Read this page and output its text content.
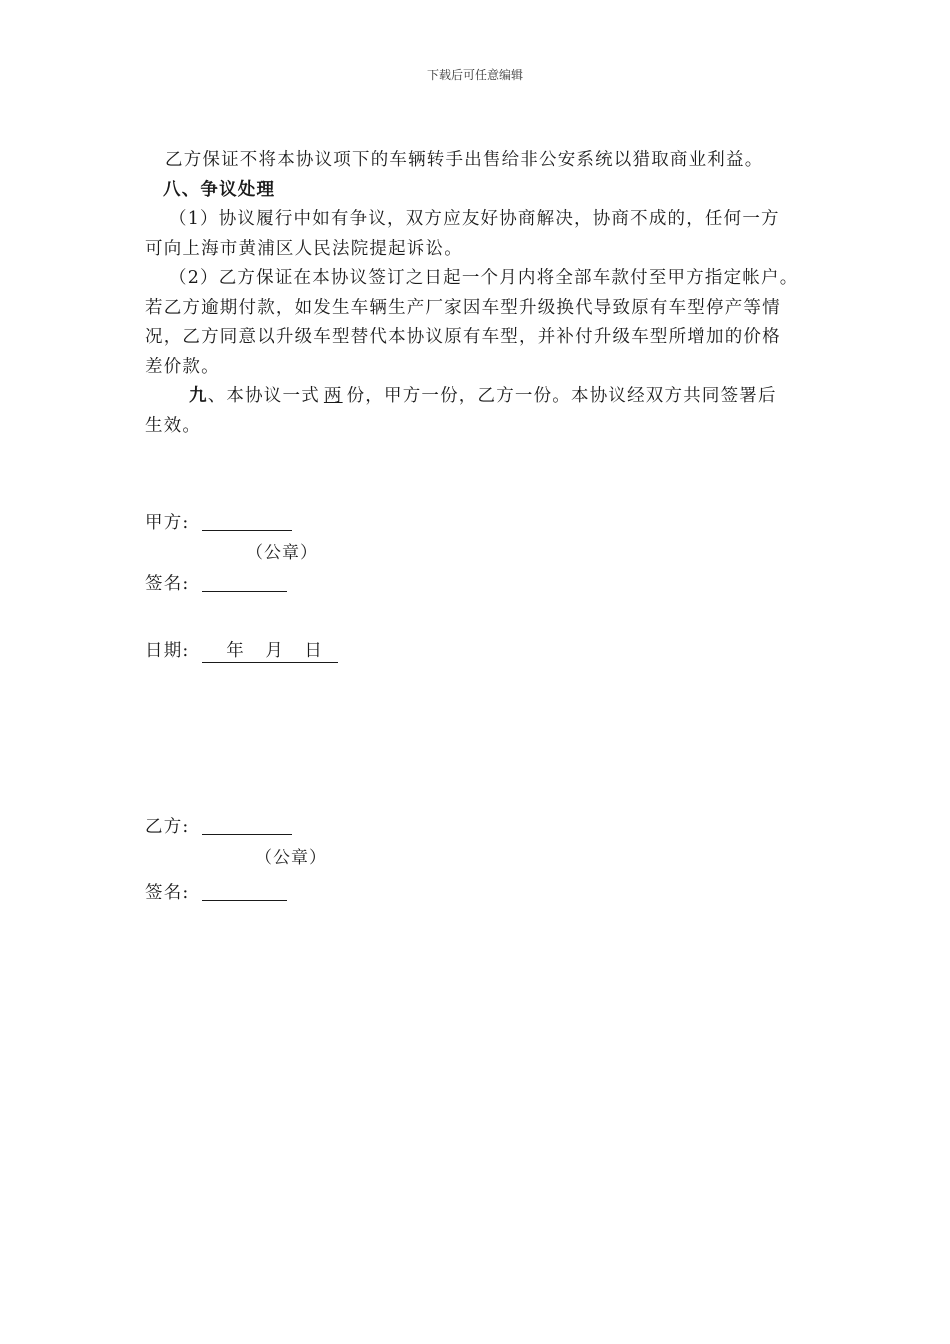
下载后可任意编辑
乙方保证不将本协议项下的车辆转手出售给非公安系统以猎取商业利益。
八、争议处理
（1）协议履行中如有争议，双方应友好协商解决，协商不成的，任何一方
可向上海市黄浦区人民法院提起诉讼。
（2）乙方保证在本协议签订之日起一个月内将全部车款付至甲方指定帐户。
若乙方逾期付款，如发生车辆生产厂家因车型升级换代导致原有车型停产等情
况，乙方同意以升级车型替代本协议原有车型，并补付升级车型所增加的价格
差价款。
九、本协议一式 两 份，甲方一份，乙方一份。本协议经双方共同签署后
生效。
甲方:
（公章）
签名:
日期: 年 月 日
乙方:
（公章）
签名:
